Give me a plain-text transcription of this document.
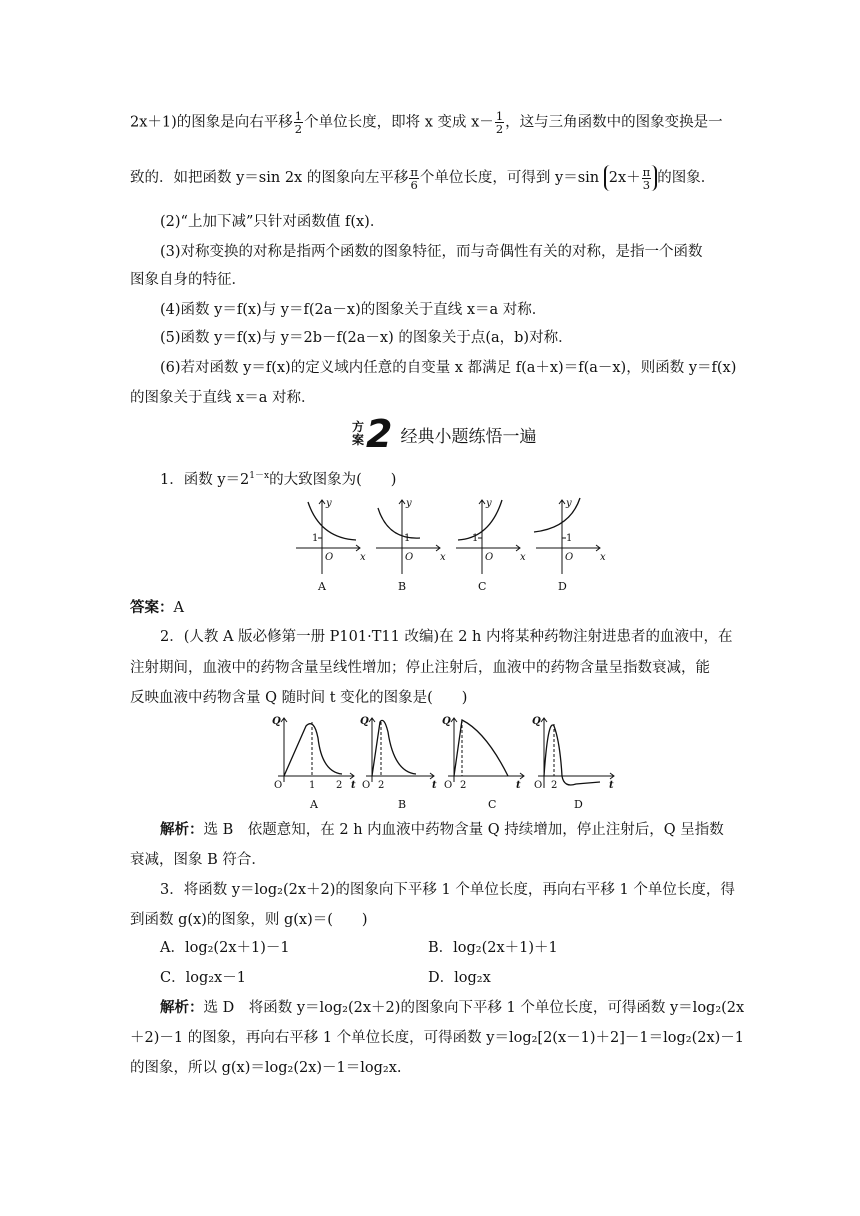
2x＋1)的图象是向右平移 $\frac{1}{2}$ 个单位长度，即将 x 变成 $x- \frac{1}{2}$ ，这与三角函数中的图象变换是一
致的．如把函数 y＝sin 2x 的图象向左平移 $\frac{\pi}{6}$ 个单位长度，可得到 y＝sin $2x+ \frac{\pi}{3}$ 的图象．
(2)“上加下减”只针对函数值 f(x)．
(3)对称变换的对称是指两个函数的图象特征，而与奇偶性有关的对称，是指一个函数
图象自身的特征．
(4)函数 y＝f(x)与 y＝f(2a－x)的图象关于直线 x＝a 对称．
(5)函数 y＝f(x)与 y＝2b－f(2a－x) 的图象关于点(a，b)对称．
(6)若对函数 y＝f(x)的定义域内任意的自变量 x 都满足 f(a＋x)＝f(a－x)，则函数 y＝f(x)
的图象关于直线 x＝a 对称．
方
案 2 经典小题练悟一遍
1．函数 $y=2^{1-x}$的大致图象为(　　)
y
x
O
y
x
O
y
x
O
y
x
O
1	1	1	1
A	B	C	D
答案：A
2．(人教 A 版必修第一册 P101·T11 改编)在 2 h 内将某种药物注射进患者的血液中，在
注射期间，血液中的药物含量呈线性增加；停止注射后，血液中的药物含量呈指数衰减，能
反映血液中药物含量 Q 随时间 t 变化的图象是(　　)
Q	Q	Q	Q
t	t	t	t
O	1 2 O 2	O 2	O 2
A	B	C	D
解析：选 B　依题意知，在 2 h 内血液中药物含量 Q 持续增加，停止注射后，Q 呈指数
衰减，图象 B 符合．
3．将函数 y＝log₂(2x＋2)的图象向下平移 1 个单位长度，再向右平移 1 个单位长度，得
到函数 g(x)的图象，则 g(x)＝(　　)
A．log₂(2x＋1)－1	B．log₂(2x＋1)＋1
C．log₂x－1	D．log₂x
解析：选 D　将函数 y＝log₂(2x＋2)的图象向下平移 1 个单位长度，可得函数 y＝log₂(2x
＋2)－1 的图象，再向右平移 1 个单位长度，可得函数 y＝log₂[2(x－1)＋2]－1＝log₂(2x)－1
的图象，所以 g(x)＝log₂(2x)－1＝log₂x.
